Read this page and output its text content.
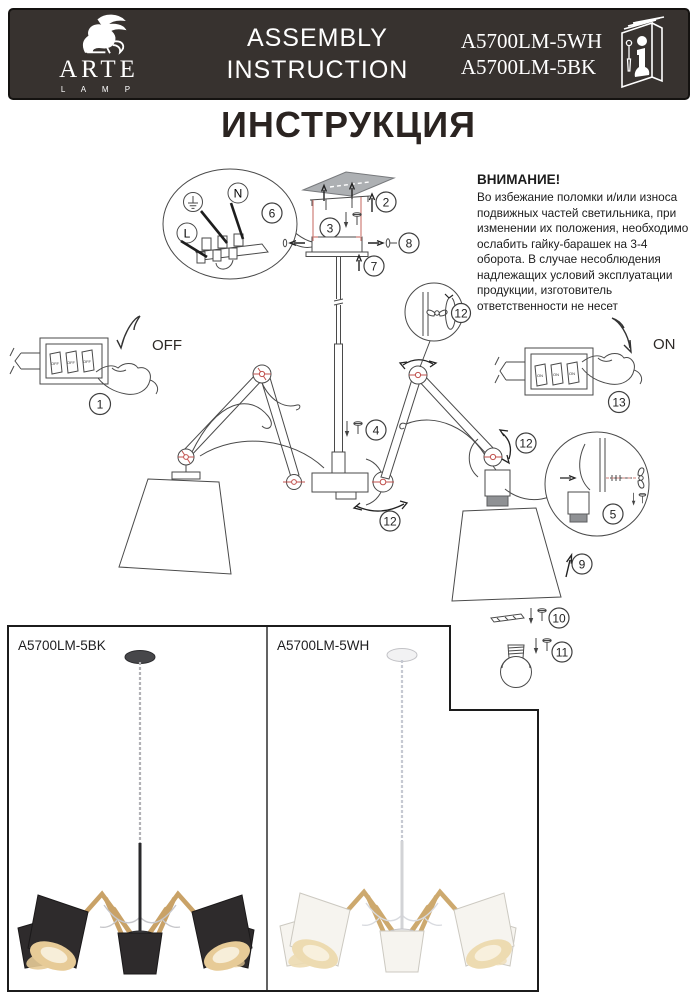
ARTE
L A M P
ASSEMBLY
INSTRUCTION
A5700LM-5WH
A5700LM-5BK
ИНСТРУКЦИЯ
ВНИМАНИЕ!

Во избежание поломки и/или износа подвижных частей светильника, при изменении их положения, необходимо ослабить гайку-барашек на 3-4 оборота. В случае несоблюдения надлежащих условий эксплуатации продукции, изготовитель ответственности не несет

N
L
6
2
3
8
7
4
12
12
12
5
9
10
11
OFF OFF OFF
OFF
1
ON	ON	ON
ON
13
A5700LM-5BK	A5700LM-5WH
